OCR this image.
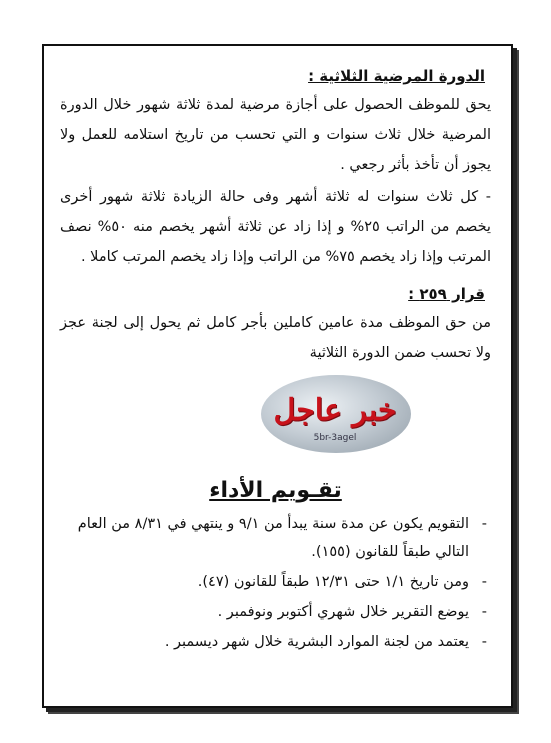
الدورة المرضية الثلاثية :
يحق للموظف الحصول على أجازة مرضية لمدة ثلاثة شهور خلال الدورة المرضية خلال ثلاث سنوات و التي تحسب من تاريخ استلامه للعمل ولا يجوز أن تأخذ بأثر رجعي .
- كل ثلاث سنوات له ثلاثة أشهر وفى حالة الزيادة ثلاثة شهور أخرى يخصم من الراتب ٢٥% و إذا زاد عن ثلاثة أشهر يخصم منه ٥٠% نصف المرتب وإذا زاد يخصم ٧٥% من الراتب وإذا زاد يخصم المرتب كاملا .
قرار ٢٥٩ :
من حق الموظف مدة عامين كاملين بأجر كامل ثم يحول إلى لجنة عجز ولا تحسب ضمن الدورة الثلاثية
خبر عاجل
5br-3agel
تقـويم الأداء
-
التقويم يكون عن مدة سنة يبدأ من ٩/١ و ينتهي في ٨/٣١ من العام التالي طبقاً للقانون (١٥٥).
-
ومن تاريخ ١/١ حتى ١٢/٣١ طبقاً للقانون (٤٧).
-
يوضع التقرير خلال شهري أكتوبر ونوفمبر .
-
يعتمد من لجنة الموارد البشرية خلال شهر ديسمبر .
